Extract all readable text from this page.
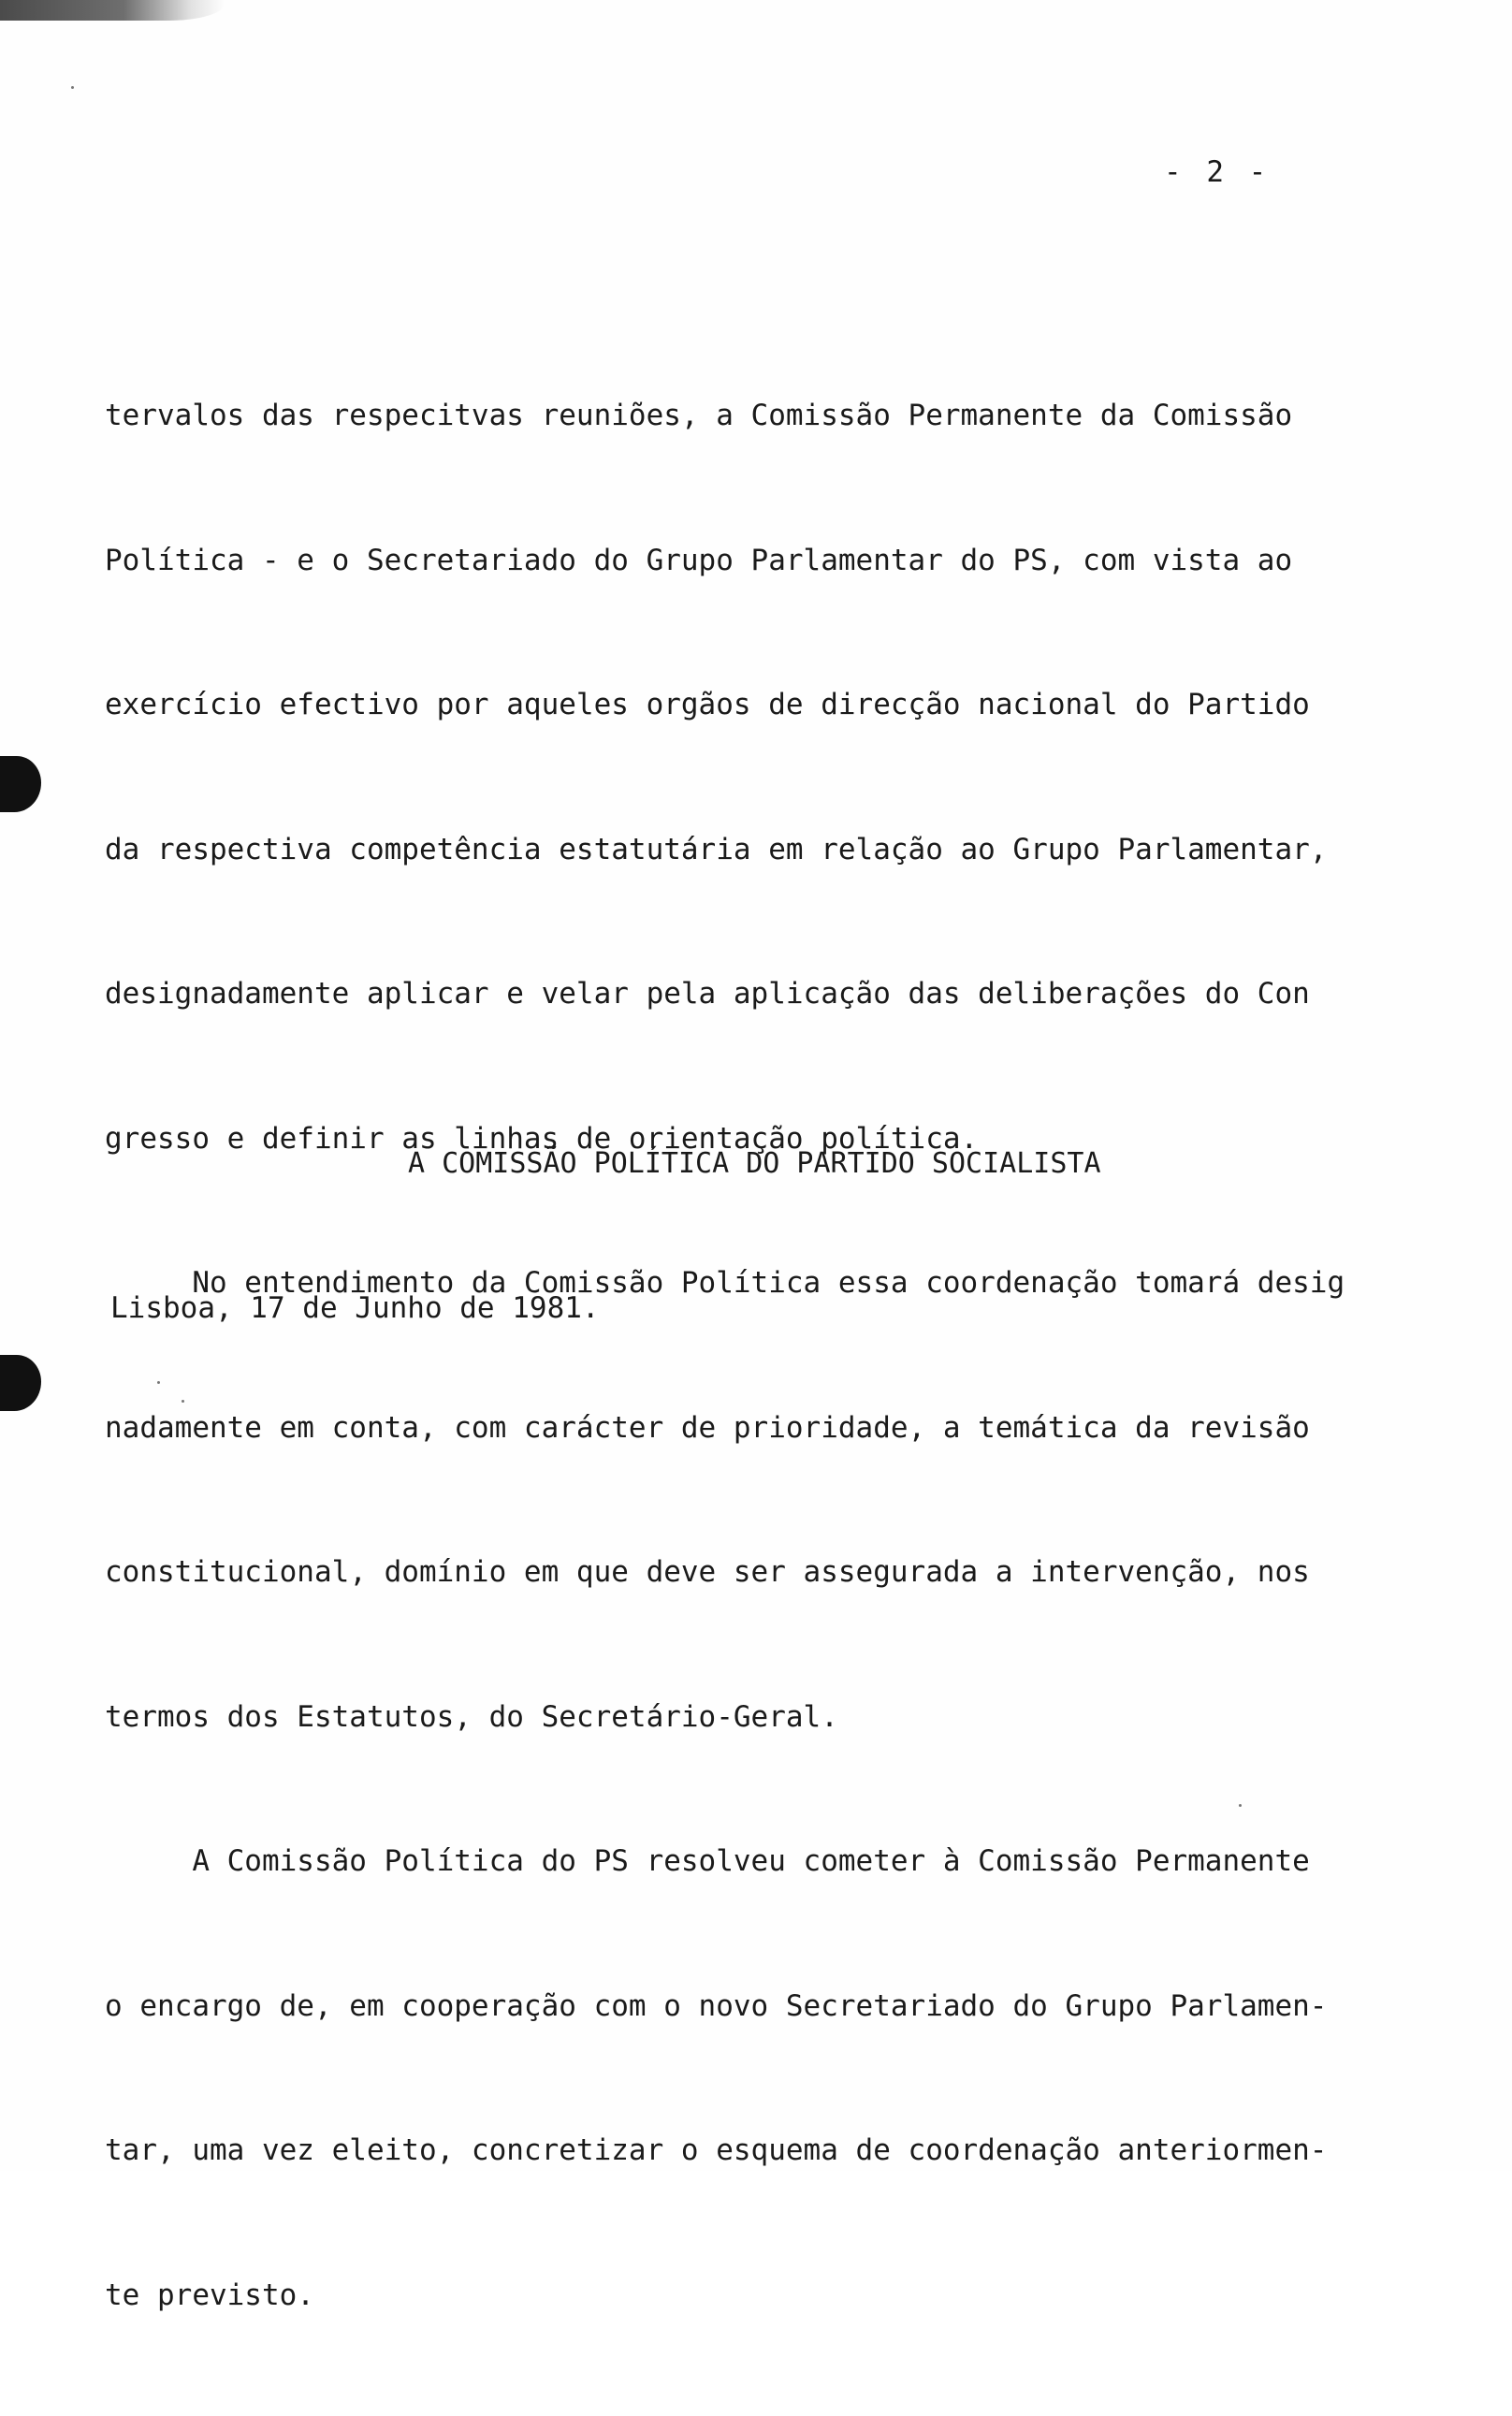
- 2 -

tervalos das respecitvas reuniões, a Comissão Permanente da Comissão

Política - e o Secretariado do Grupo Parlamentar do PS, com vista ao

exercício efectivo por aqueles orgãos de direcção nacional do Partido

da respectiva competência estatutária em relação ao Grupo Parlamentar,

designadamente aplicar e velar pela aplicação das deliberações do Con

gresso e definir as linhas de orientação política.

No entendimento da Comissão Política essa coordenação tomará desig

nadamente em conta, com carácter de prioridade, a temática da revisão

constitucional, domínio em que deve ser assegurada a intervenção, nos

termos dos Estatutos, do Secretário-Geral.

A Comissão Política do PS resolveu cometer à Comissão Permanente

o encargo de, em cooperação com o novo Secretariado do Grupo Parlamen-

tar, uma vez eleito, concretizar o esquema de coordenação anteriormen-

te previsto.

A COMISSÃO POLÍTICA DO PARTIDO SOCIALISTA
Lisboa, 17 de Junho de 1981.
